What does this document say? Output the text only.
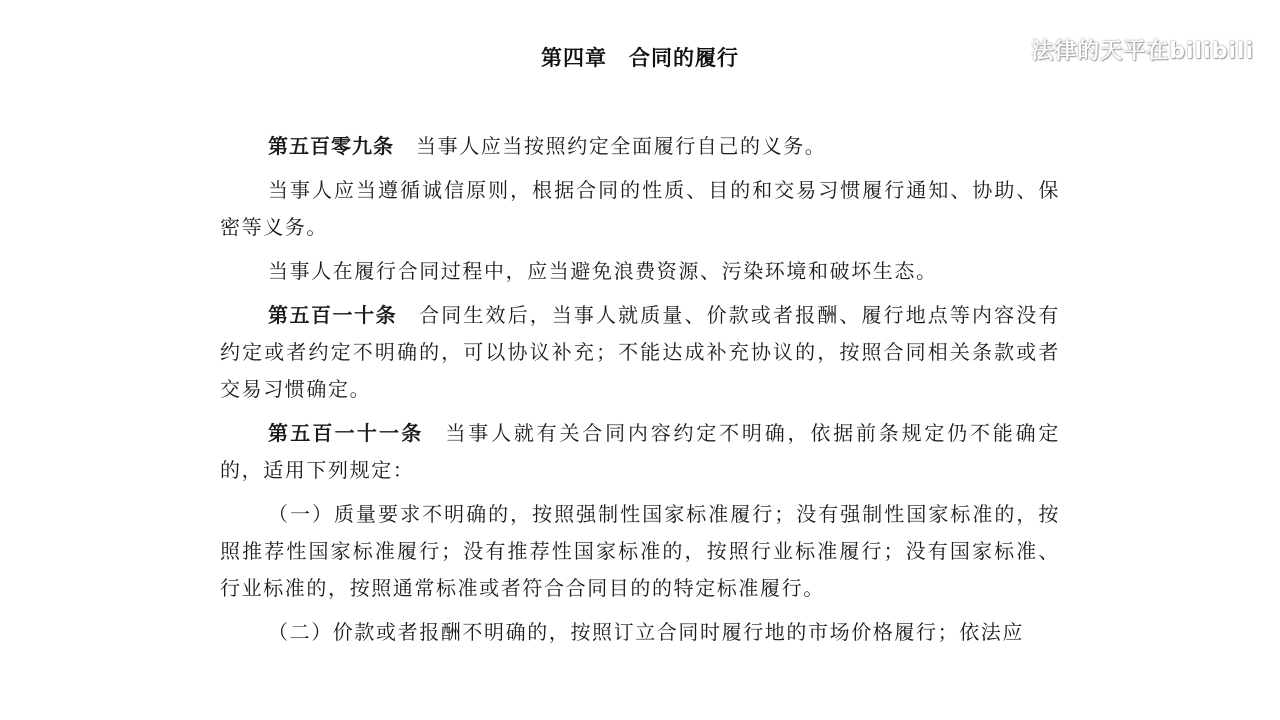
法律的天平在bilibili
第四章　合同的履行

第五百零九条 当事人应当按照约定全面履行自己的义务。

当事人应当遵循诚信原则，根据合同的性质、目的和交易习惯履行通知、协助、保密等义务。

当事人在履行合同过程中，应当避免浪费资源、污染环境和破坏生态。

第五百一十条 合同生效后，当事人就质量、价款或者报酬、履行地点等内容没有约定或者约定不明确的，可以协议补充；不能达成补充协议的，按照合同相关条款或者交易习惯确定。

第五百一十一条 当事人就有关合同内容约定不明确，依据前条规定仍不能确定的，适用下列规定：

（一）质量要求不明确的，按照强制性国家标准履行；没有强制性国家标准的，按照推荐性国家标准履行；没有推荐性国家标准的，按照行业标准履行；没有国家标准、行业标准的，按照通常标准或者符合合同目的的特定标准履行。

（二）价款或者报酬不明确的，按照订立合同时履行地的市场价格履行；依法应
